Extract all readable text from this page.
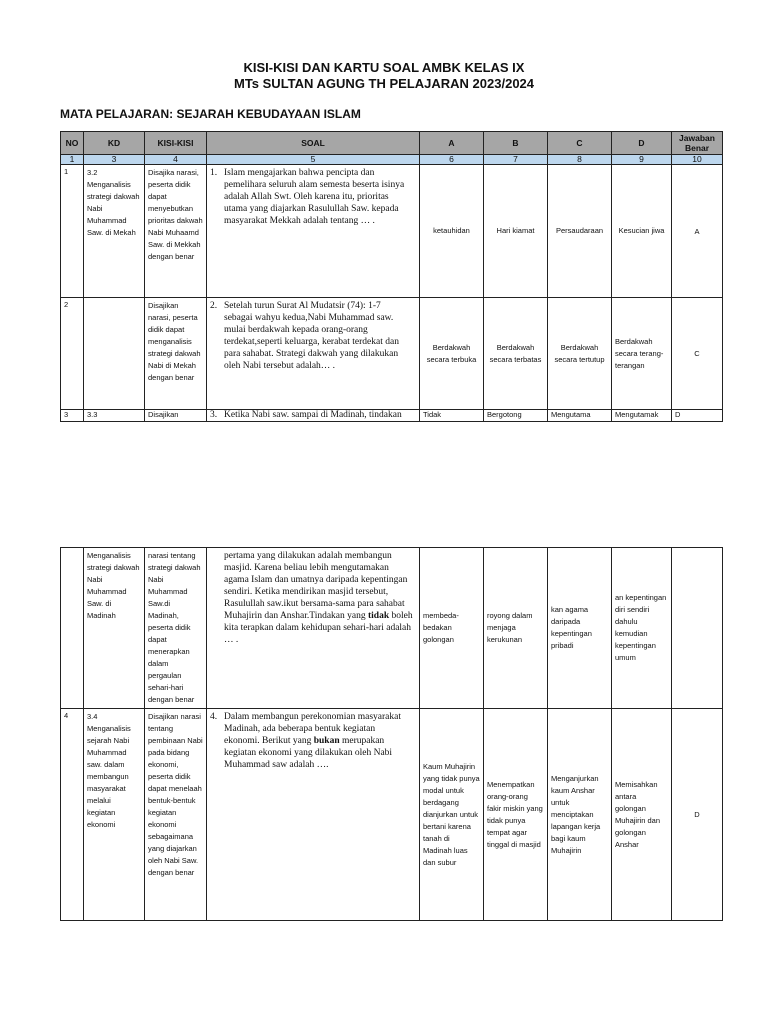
KISI-KISI DAN KARTU SOAL AMBK KELAS IX
MTs SULTAN AGUNG TH PELAJARAN 2023/2024
MATA PELAJARAN: SEJARAH KEBUDAYAAN ISLAM
NO	KD	KISI-KISI	SOAL	A	B	C	D	Jawaban
Benar

1	3	4	5	6	7	8	9	10
1	3.2 Menganalisis strategi dakwah Nabi Muhammad Saw. di Mekah	Disajika narasi, peserta didik dapat menyebutkan prioritas dakwah Nabi Muhaamd Saw. di Mekkah dengan benar	1. Islam mengajarkan bahwa pencipta dan pemelihara seluruh alam semesta beserta isinya adalah Allah Swt. Oleh karena itu, prioritas utama yang diajarkan Rasulullah Saw. kepada masyarakat Mekkah adalah tentang … .	ketauhidan	Hari kiamat	Persaudaraan	Kesucian jiwa	A
2		Disajikan narasi, peserta didik dapat menganalisis strategi dakwah Nabi di Mekah dengan benar	2. Setelah turun Surat Al Mudatsir (74): 1-7 sebagai wahyu kedua,Nabi Muhammad saw. mulai berdakwah kepada orang-orang terdekat,seperti keluarga, kerabat terdekat dan para sahabat. Strategi dakwah yang dilakukan oleh Nabi tersebut adalah… .	Berdakwah secara terbuka	Berdakwah secara terbatas	Berdakwah secara tertutup	Berdakwah secara terang-terangan	C
3	3.3	Disajikan	3. Ketika Nabi saw. sampai di Madinah, tindakan	Tidak	Bergotong	Mengutama	Mengutamak	D
	Menganalisis strategi dakwah Nabi Muhammad Saw. di Madinah	narasi tentang strategi dakwah Nabi Muhammad Saw.di Madinah, peserta didik dapat menerapkan dalam pergaulan sehari-hari dengan benar	pertama yang dilakukan adalah membangun masjid. Karena beliau lebih mengutamakan agama Islam dan umatnya daripada kepentingan sendiri. Ketika mendirikan masjid tersebut, Rasulullah saw.ikut bersama-sama para sahabat Muhajirin dan Anshar.Tindakan yang tidak boleh kita terapkan dalam kehidupan sehari-hari adalah … .	membeda-bedakan golongan	royong dalam menjaga kerukunan	kan agama daripada kepentingan pribadi	an kepentingan diri sendiri dahulu kemudian kepentingan umum	
4	3.4 Menganalisis sejarah Nabi Muhammad saw. dalam membangun masyarakat melalui kegiatan ekonomi	Disajikan narasi tentang pembinaan Nabi pada bidang ekonomi, peserta didik dapat menelaah bentuk-bentuk kegiatan ekonomi sebagaimana yang diajarkan oleh Nabi Saw. dengan benar	4. Dalam membangun perekonomian masyarakat Madinah, ada beberapa bentuk kegiatan ekonomi. Berikut yang bukan merupakan kegiatan ekonomi yang dilakukan oleh Nabi Muhammad saw adalah ….	Kaum Muhajirin yang tidak punya modal untuk berdagang dianjurkan untuk bertani karena tanah di Madinah luas dan subur	Menempatkan orang-orang fakir miskin yang tidak punya tempat agar tinggal di masjid	Menganjurkan kaum Anshar untuk menciptakan lapangan kerja bagi kaum Muhajirin	Memisahkan antara golongan Muhajirin dan golongan Anshar	D
